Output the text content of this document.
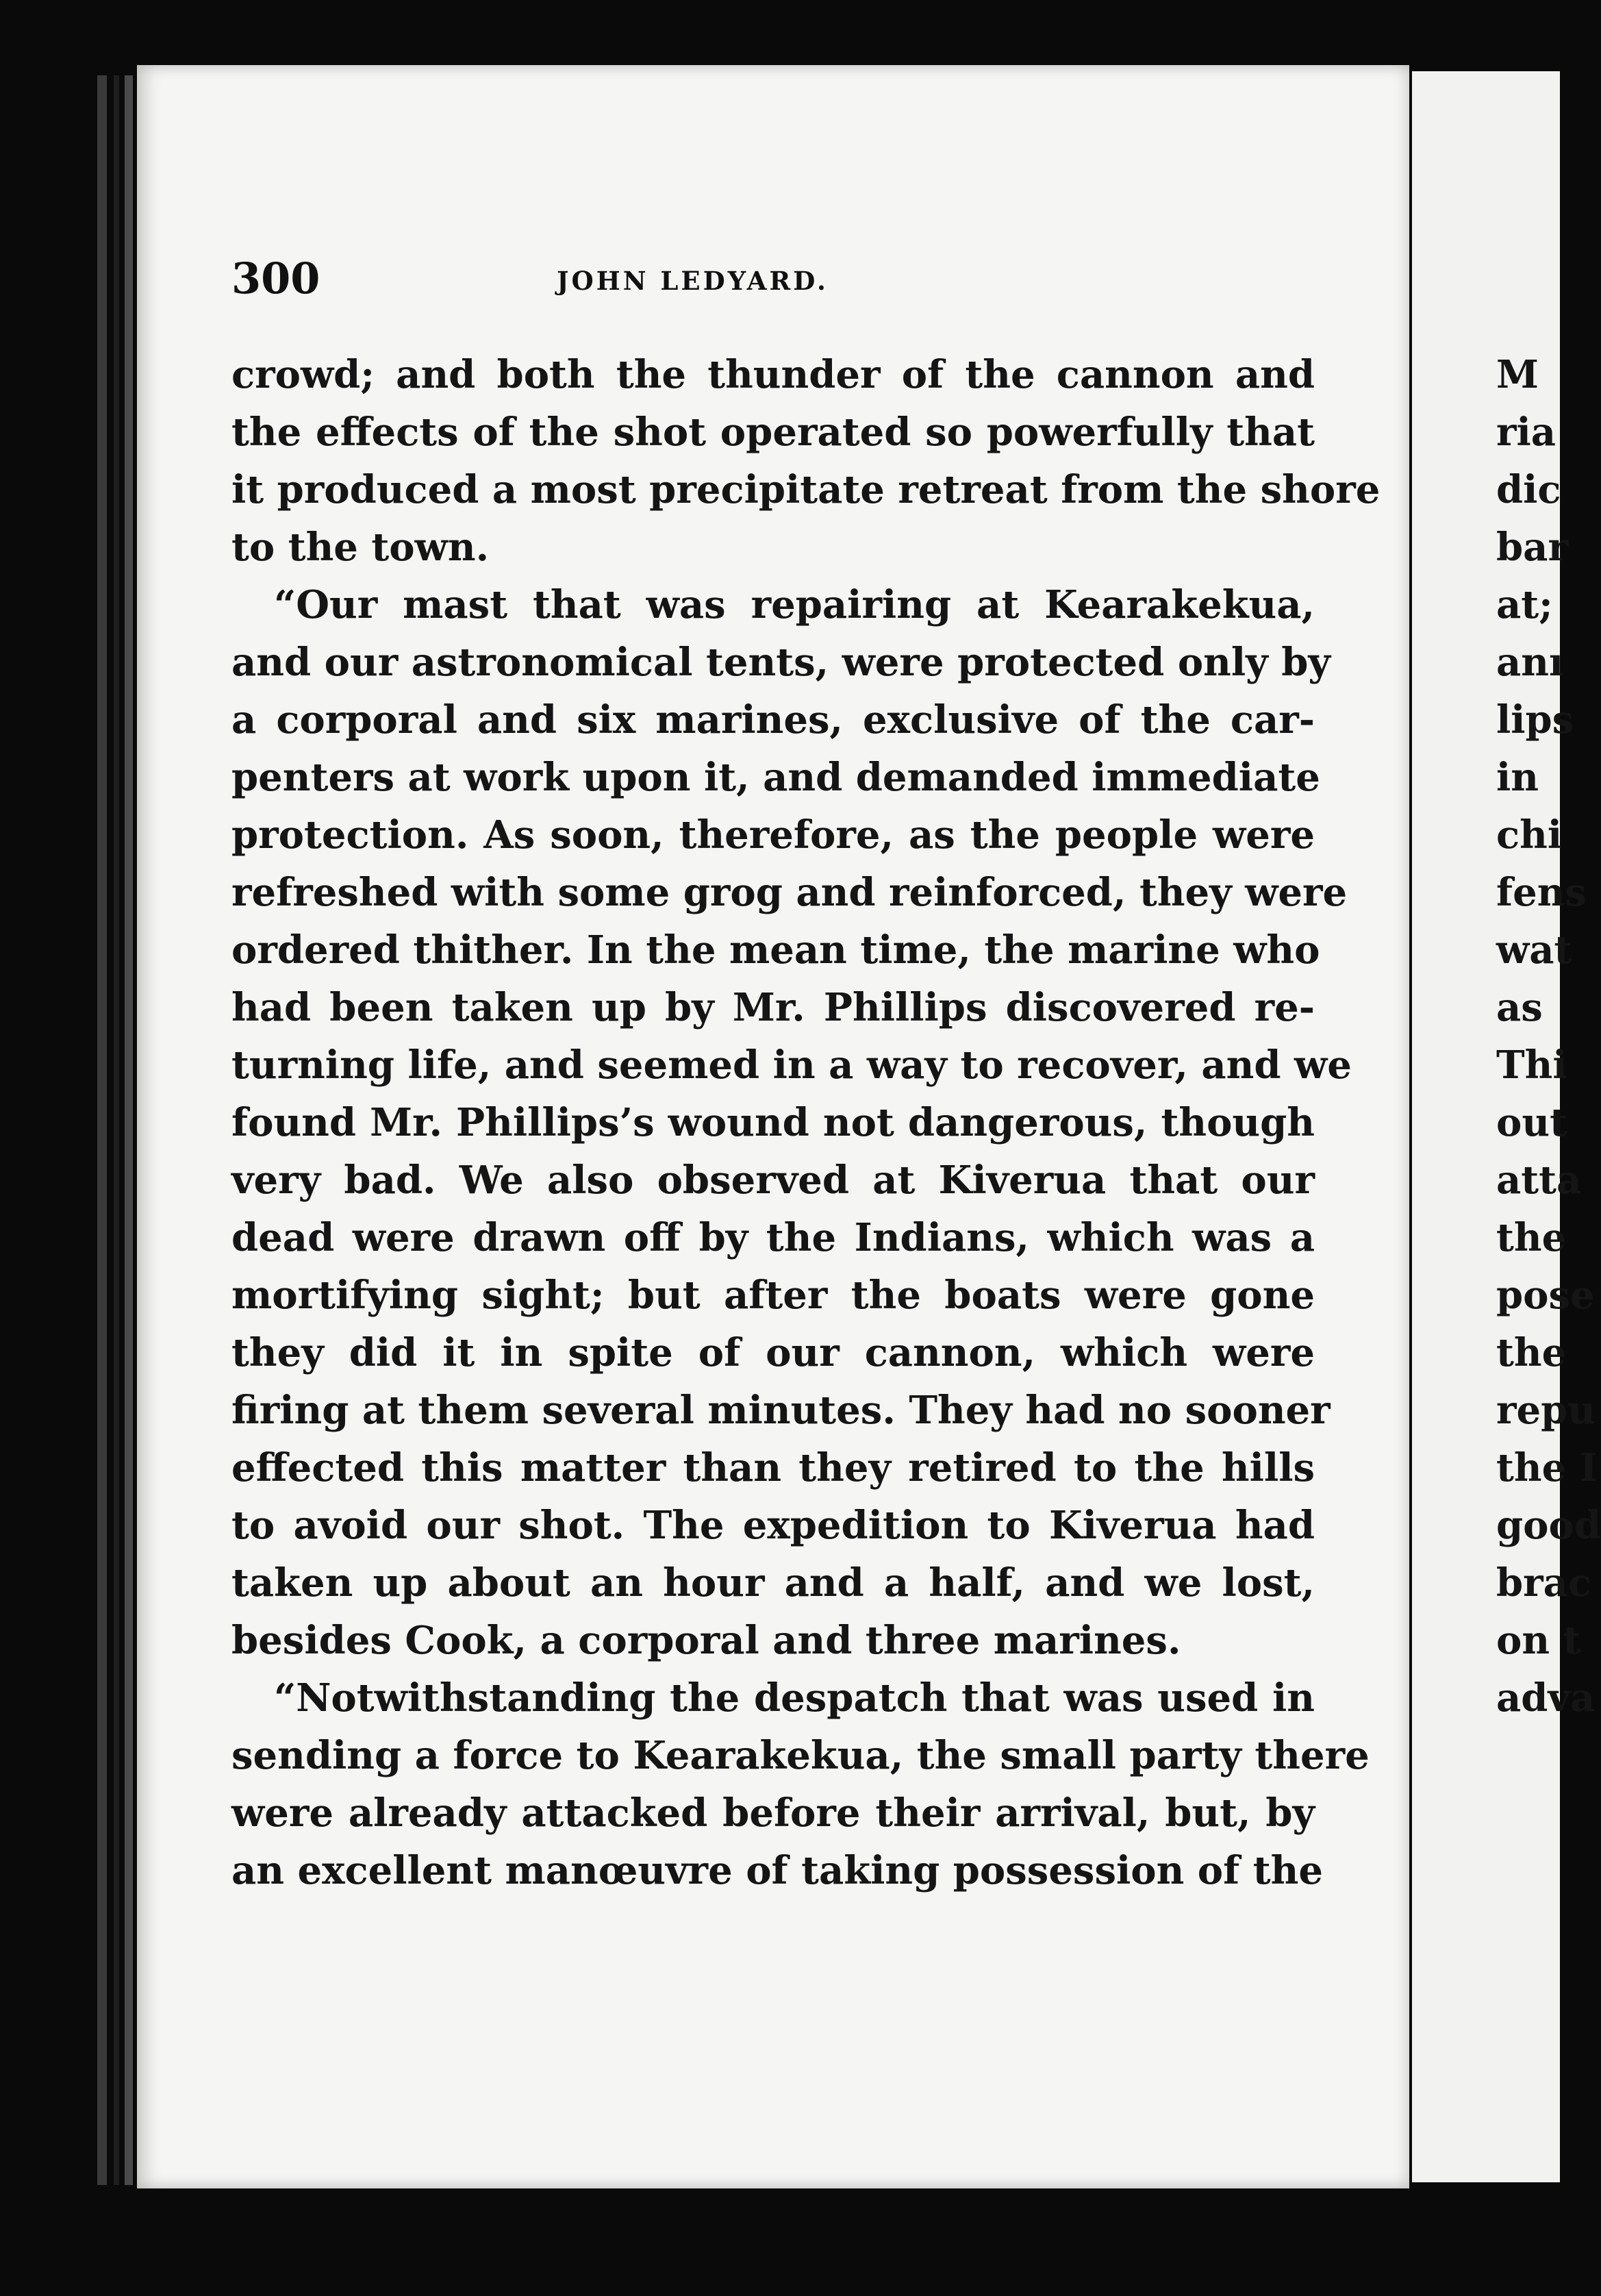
300	JOHN LEDYARD.
crowd; and both the thunder of the cannon and
the effects of the shot operated so powerfully that
it produced a most precipitate retreat from the shore
to the town.
“Our mast that was repairing at Kearakekua,
and our astronomical tents, were protected only by
a corporal and six marines, exclusive of the car-
penters at work upon it, and demanded immediate
protection. As soon, therefore, as the people were
refreshed with some grog and reinforced, they were
ordered thither. In the mean time, the marine who
had been taken up by Mr. Phillips discovered re-
turning life, and seemed in a way to recover, and we
found Mr. Phillips’s wound not dangerous, though
very bad. We also observed at Kiverua that our
dead were drawn off by the Indians, which was a
mortifying sight; but after the boats were gone
they did it in spite of our cannon, which were
firing at them several minutes. They had no sooner
effected this matter than they retired to the hills
to avoid our shot. The expedition to Kiverua had
taken up about an hour and a half, and we lost,
besides Cook, a corporal and three marines.
“Notwithstanding the despatch that was used in
sending a force to Kearakekua, the small party there
were already attacked before their arrival, but, by
an excellent manœuvre of taking possession of the
M
ria
dic
bar
at;
anı
lips
in
chi
fens
wat
as
Thi
out
atta
the
pose
the
repu
the I
good
brac
on t
adva
